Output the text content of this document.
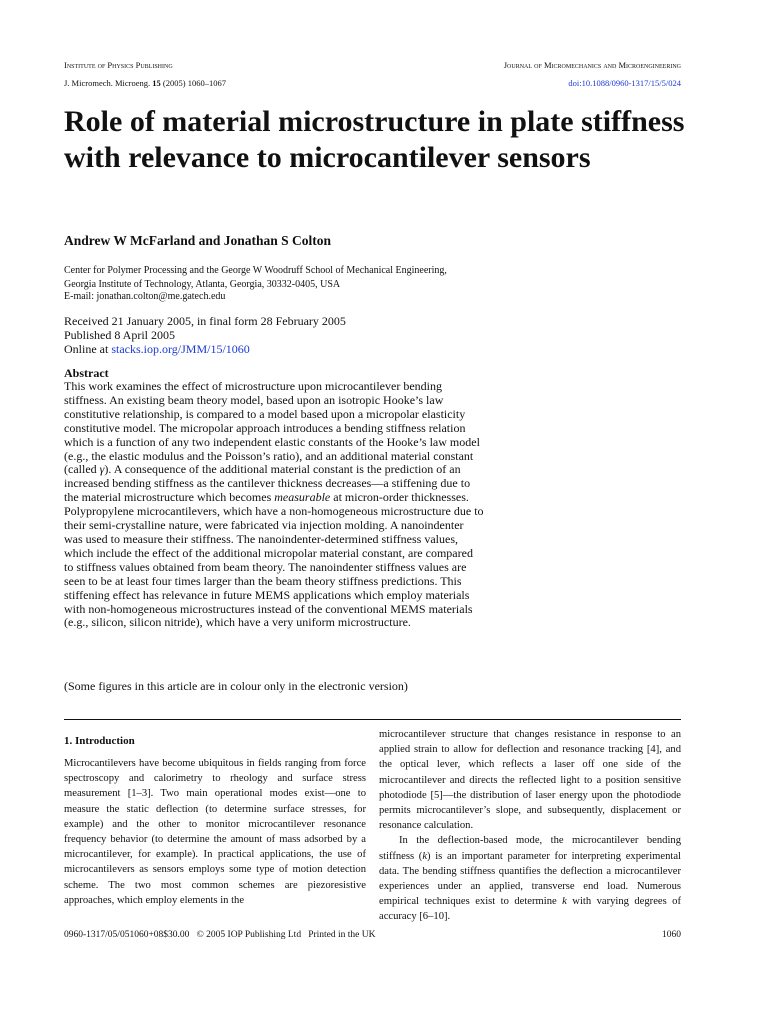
Institute of Physics Publishing	Journal of Micromechanics and Microengineering
J. Micromech. Microeng. 15 (2005) 1060–1067	doi:10.1088/0960-1317/15/5/024
Role of material microstructure in plate stiffness with relevance to microcantilever sensors
Andrew W McFarland and Jonathan S Colton
Center for Polymer Processing and the George W Woodruff School of Mechanical Engineering, Georgia Institute of Technology, Atlanta, Georgia, 30332-0405, USA
E-mail: jonathan.colton@me.gatech.edu
Received 21 January 2005, in final form 28 February 2005
Published 8 April 2005
Online at stacks.iop.org/JMM/15/1060
Abstract

This work examines the effect of microstructure upon microcantilever bending stiffness. An existing beam theory model, based upon an isotropic Hooke’s law constitutive relationship, is compared to a model based upon a micropolar elasticity constitutive model. The micropolar approach introduces a bending stiffness relation which is a function of any two independent elastic constants of the Hooke’s law model (e.g., the elastic modulus and the Poisson’s ratio), and an additional material constant (called γ). A consequence of the additional material constant is the prediction of an increased bending stiffness as the cantilever thickness decreases—a stiffening due to the material microstructure which becomes measurable at micron-order thicknesses. Polypropylene microcantilevers, which have a non-homogeneous microstructure due to their semi-crystalline nature, were fabricated via injection molding. A nanoindenter was used to measure their stiffness. The nanoindenter-determined stiffness values, which include the effect of the additional micropolar material constant, are compared to stiffness values obtained from beam theory. The nanoindenter stiffness values are seen to be at least four times larger than the beam theory stiffness predictions. This stiffening effect has relevance in future MEMS applications which employ materials with non-homogeneous microstructures instead of the conventional MEMS materials (e.g., silicon, silicon nitride), which have a very uniform microstructure.

(Some figures in this article are in colour only in the electronic version)
1. Introduction

Microcantilevers have become ubiquitous in fields ranging from force spectroscopy and calorimetry to rheology and surface stress measurement [1–3]. Two main operational modes exist—one to measure the static deflection (to determine surface stresses, for example) and the other to monitor microcantilever resonance frequency behavior (to determine the amount of mass adsorbed by a microcantilever, for example). In practical applications, the use of microcantilevers as sensors employs some type of motion detection scheme. The two most common schemes are piezoresistive approaches, which employ elements in the

microcantilever structure that changes resistance in response to an applied strain to allow for deflection and resonance tracking [4], and the optical lever, which reflects a laser off one side of the microcantilever and directs the reflected light to a position sensitive photodiode [5]—the distribution of laser energy upon the photodiode permits microcantilever’s slope, and subsequently, displacement or resonance calculation.

In the deflection-based mode, the microcantilever bending stiffness (k) is an important parameter for interpreting experimental data. The bending stiffness quantifies the deflection a microcantilever experiences under an applied, transverse end load. Numerous empirical techniques exist to determine k with varying degrees of accuracy [6–10].

0960-1317/05/051060+08$30.00 © 2005 IOP Publishing Ltd Printed in the UK	1060
